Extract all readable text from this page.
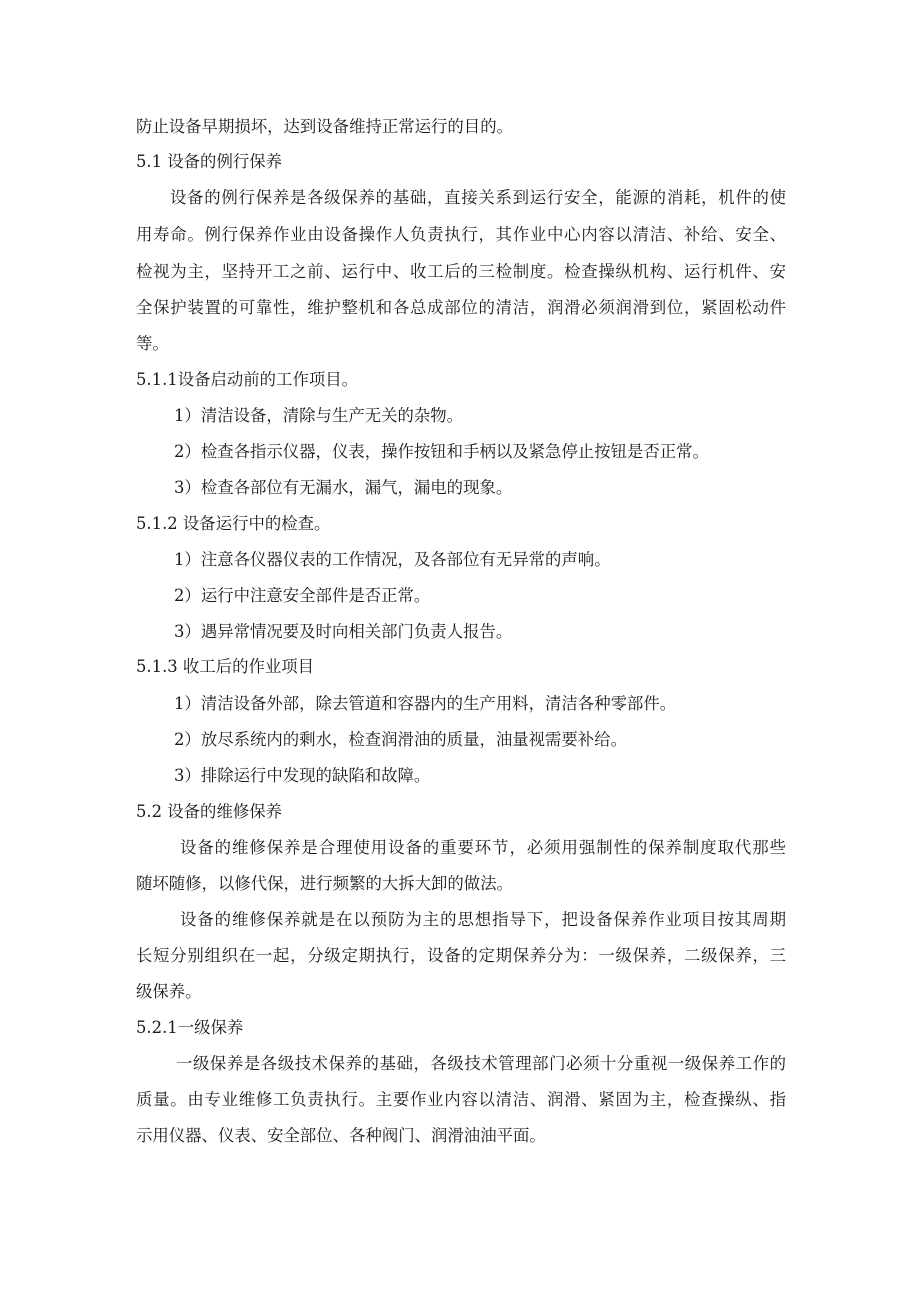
防止设备早期损坏，达到设备维持正常运行的目的。
5.1 设备的例行保养
设备的例行保养是各级保养的基础，直接关系到运行安全，能源的消耗，机件的使
用寿命。例行保养作业由设备操作人负责执行，其作业中心内容以清洁、补给、安全、
检视为主，坚持开工之前、运行中、收工后的三检制度。检查操纵机构、运行机件、安
全保护装置的可靠性，维护整机和各总成部位的清洁，润滑必须润滑到位，紧固松动件
等。
5.1.1设备启动前的工作项目。
1）清洁设备，清除与生产无关的杂物。
2）检查各指示仪器，仪表，操作按钮和手柄以及紧急停止按钮是否正常。
3）检查各部位有无漏水，漏气，漏电的现象。
5.1.2 设备运行中的检查。
1）注意各仪器仪表的工作情况，及各部位有无异常的声响。
2）运行中注意安全部件是否正常。
3）遇异常情况要及时向相关部门负责人报告。
5.1.3 收工后的作业项目
1）清洁设备外部，除去管道和容器内的生产用料，清洁各种零部件。
2）放尽系统内的剩水，检查润滑油的质量，油量视需要补给。
3）排除运行中发现的缺陷和故障。
5.2 设备的维修保养
设备的维修保养是合理使用设备的重要环节，必须用强制性的保养制度取代那些
随坏随修，以修代保，进行频繁的大拆大卸的做法。
设备的维修保养就是在以预防为主的思想指导下，把设备保养作业项目按其周期
长短分别组织在一起，分级定期执行，设备的定期保养分为：一级保养，二级保养，三
级保养。
5.2.1一级保养
一级保养是各级技术保养的基础，各级技术管理部门必须十分重视一级保养工作的
质量。由专业维修工负责执行。主要作业内容以清洁、润滑、紧固为主，检查操纵、指
示用仪器、仪表、安全部位、各种阀门、润滑油油平面。
